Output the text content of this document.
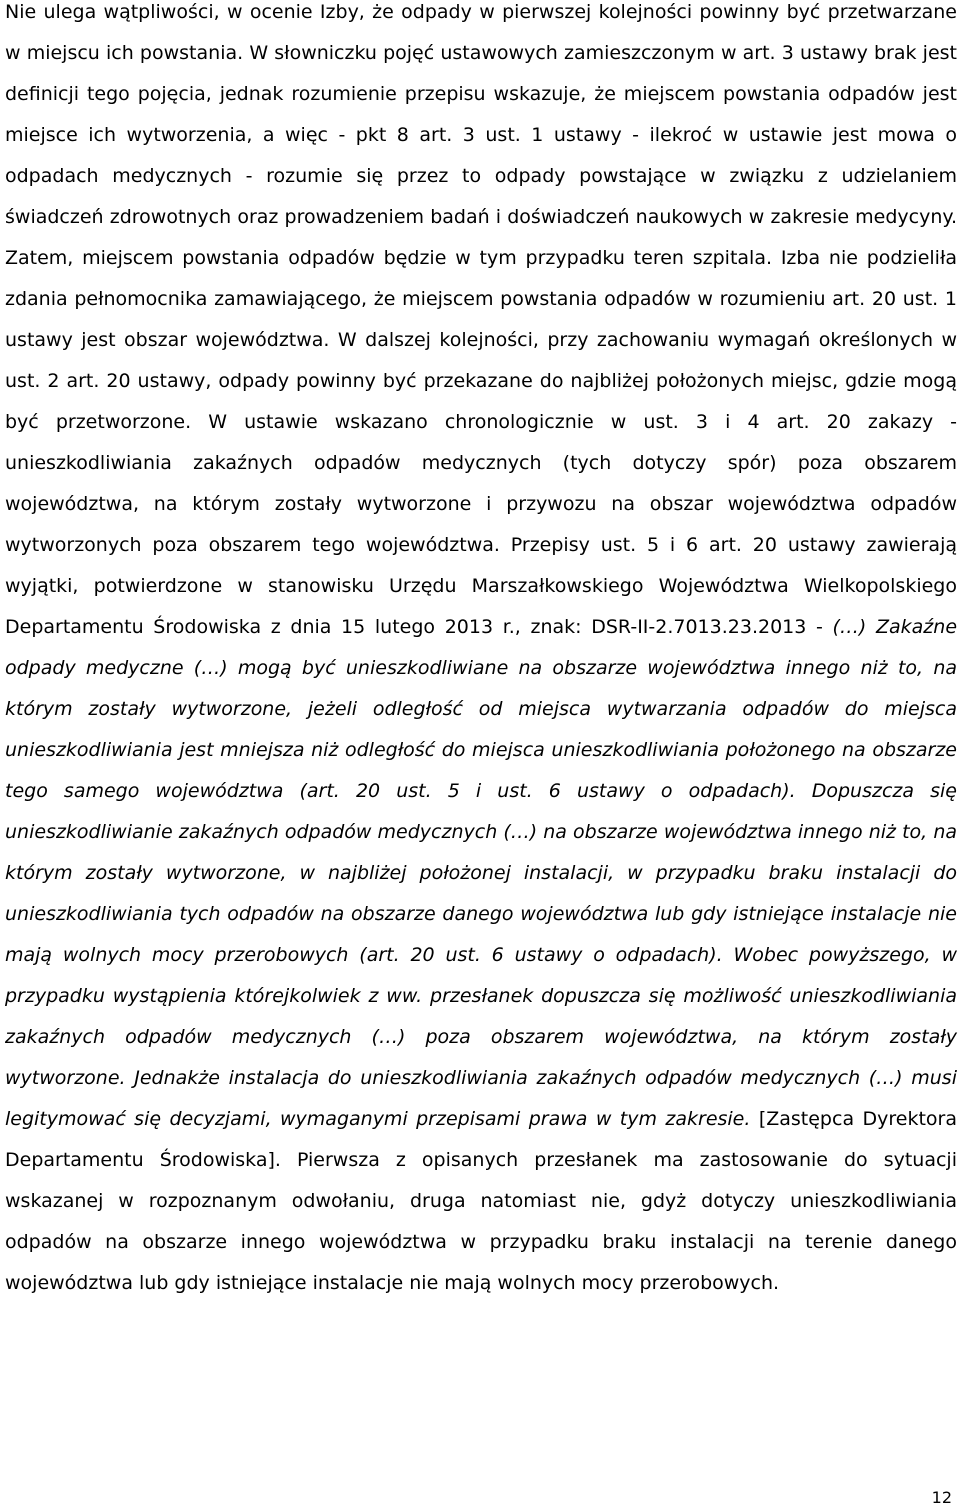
Nie ulega wątpliwości, w ocenie Izby, że odpady w pierwszej kolejności powinny być przetwarzane w miejscu ich powstania. W słowniczku pojęć ustawowych zamieszczonym w art. 3 ustawy brak jest definicji tego pojęcia, jednak rozumienie przepisu wskazuje, że miejscem powstania odpadów jest miejsce ich wytworzenia, a więc - pkt 8 art. 3 ust. 1 ustawy - ilekroć w ustawie jest mowa o odpadach medycznych - rozumie się przez to odpady powstające w związku z udzielaniem świadczeń zdrowotnych oraz prowadzeniem badań i doświadczeń naukowych w zakresie medycyny. Zatem, miejscem powstania odpadów będzie w tym przypadku teren szpitala. Izba nie podzieliła zdania pełnomocnika zamawiającego, że miejscem powstania odpadów w rozumieniu art. 20 ust. 1 ustawy jest obszar województwa. W dalszej kolejności, przy zachowaniu wymagań określonych w ust. 2 art. 20 ustawy, odpady powinny być przekazane do najbliżej położonych miejsc, gdzie mogą być przetworzone. W ustawie wskazano chronologicznie w ust. 3 i 4 art. 20 zakazy - unieszkodliwiania zakaźnych odpadów medycznych (tych dotyczy spór) poza obszarem województwa, na którym zostały wytworzone i przywozu na obszar województwa odpadów wytworzonych poza obszarem tego województwa. Przepisy ust. 5 i 6 art. 20 ustawy zawierają wyjątki, potwierdzone w stanowisku Urzędu Marszałkowskiego Województwa Wielkopolskiego Departamentu Środowiska z dnia 15 lutego 2013 r., znak: DSR-II-2.7013.23.2013 - (…) Zakaźne odpady medyczne (…) mogą być unieszkodliwiane na obszarze województwa innego niż to, na którym zostały wytworzone, jeżeli odległość od miejsca wytwarzania odpadów do miejsca unieszkodliwiania jest mniejsza niż odległość do miejsca unieszkodliwiania położonego na obszarze tego samego województwa (art. 20 ust. 5 i ust. 6 ustawy o odpadach). Dopuszcza się unieszkodliwianie zakaźnych odpadów medycznych (…) na obszarze województwa innego niż to, na którym zostały wytworzone, w najbliżej położonej instalacji, w przypadku braku instalacji do unieszkodliwiania tych odpadów na obszarze danego województwa lub gdy istniejące instalacje nie mają wolnych mocy przerobowych (art. 20 ust. 6 ustawy o odpadach). Wobec powyższego, w przypadku wystąpienia którejkolwiek z ww. przesłanek dopuszcza się możliwość unieszkodliwiania zakaźnych odpadów medycznych (…) poza obszarem województwa, na którym zostały wytworzone. Jednakże instalacja do unieszkodliwiania zakaźnych odpadów medycznych (…) musi legitymować się decyzjami, wymaganymi przepisami prawa w tym zakresie. [Zastępca Dyrektora Departamentu Środowiska]. Pierwsza z opisanych przesłanek ma zastosowanie do sytuacji wskazanej w rozpoznanym odwołaniu, druga natomiast nie, gdyż dotyczy unieszkodliwiania odpadów na obszarze innego województwa w przypadku braku instalacji na terenie danego województwa lub gdy istniejące instalacje nie mają wolnych mocy przerobowych.

12
